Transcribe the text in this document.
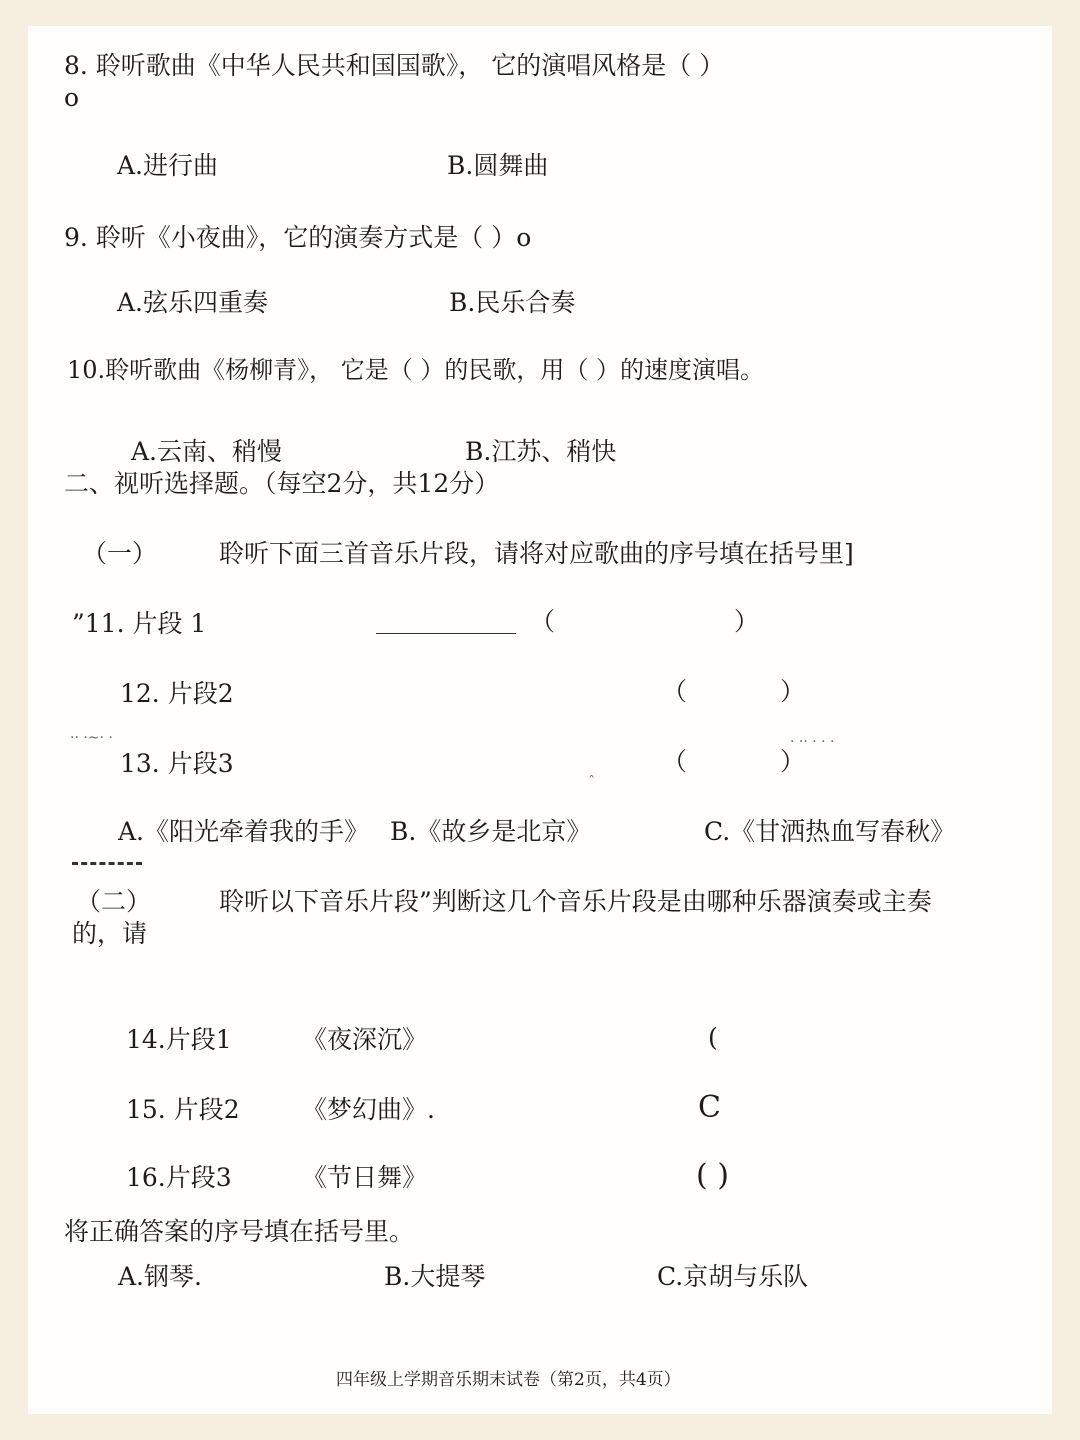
8. 聆听歌曲《中华人民共和国国歌》， 它的演唱风格是（ ）
o
A.进行曲	B.圆舞曲
9. 聆听《小夜曲》，它的演奏方式是（ ）o
A.弦乐四重奏	B.民乐合奏
10.聆听歌曲《杨柳青》， 它是（ ）的民歌，用（ ）的速度演唱。
A.云南、稍慢	B.江苏、稍快
二、视听选择题。（每空2分，共12分）
（一） 聆听下面三首音乐片段，请将对应歌曲的序号填在括号里]
”11. 片段 1	（	）
12. 片段2	（	）
·· ·~· ·	· ·· · · ·
13. 片段3	（	）
ˆ
A.《阳光牵着我的手》 B.《故乡是北京》	C.《甘洒热血写春秋》
（二）	聆听以下音乐片段”判断这几个音乐片段是由哪种乐器演奏或主奏
的，请
14.片段1	《夜深沉》	(
15. 片段2 《梦幻曲》.	C
16.片段3	《节日舞》	( )
将正确答案的序号填在括号里。
A.钢琴.	B.大提琴	C.京胡与乐队
四年级上学期音乐期末试卷（第2页，共4页）
